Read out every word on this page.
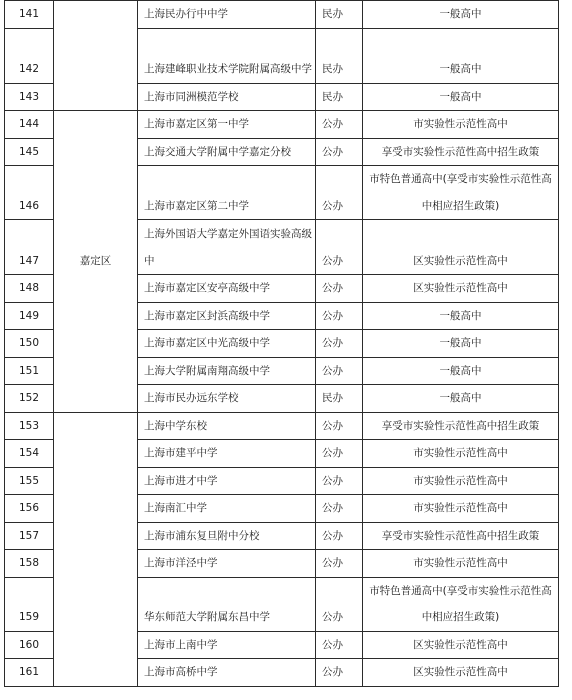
141		上海民办行中中学	民办	一般高中
142		上海建峰职业技术学院附属高级中学	民办	一般高中
143		上海市同洲模范学校	民办	一般高中
144	嘉定区	上海市嘉定区第一中学	公办	市实验性示范性高中
145		上海交通大学附属中学嘉定分校	公办	享受市实验性示范性高中招生政策
146		上海市嘉定区第二中学	公办	市特色普通高中(享受市实验性示范性高中相应招生政策)
147		上海外国语大学嘉定外国语实验高级中	公办	区实验性示范性高中
148		上海市嘉定区安亭高级中学	公办	区实验性示范性高中
149		上海市嘉定区封浜高级中学	公办	一般高中
150		上海市嘉定区中光高级中学	公办	一般高中
151		上海大学附属南翔高级中学	公办	一般高中
152		上海市民办远东学校	民办	一般高中
153		上海中学东校	公办	享受市实验性示范性高中招生政策
154		上海市建平中学	公办	市实验性示范性高中
155		上海市进才中学	公办	市实验性示范性高中
156		上海南汇中学	公办	市实验性示范性高中
157		上海市浦东复旦附中分校	公办	享受市实验性示范性高中招生政策
158		上海市洋泾中学	公办	市实验性示范性高中
159		华东师范大学附属东昌中学	公办	市特色普通高中(享受市实验性示范性高中相应招生政策)
160		上海市上南中学	公办	区实验性示范性高中
161		上海市高桥中学	公办	区实验性示范性高中
